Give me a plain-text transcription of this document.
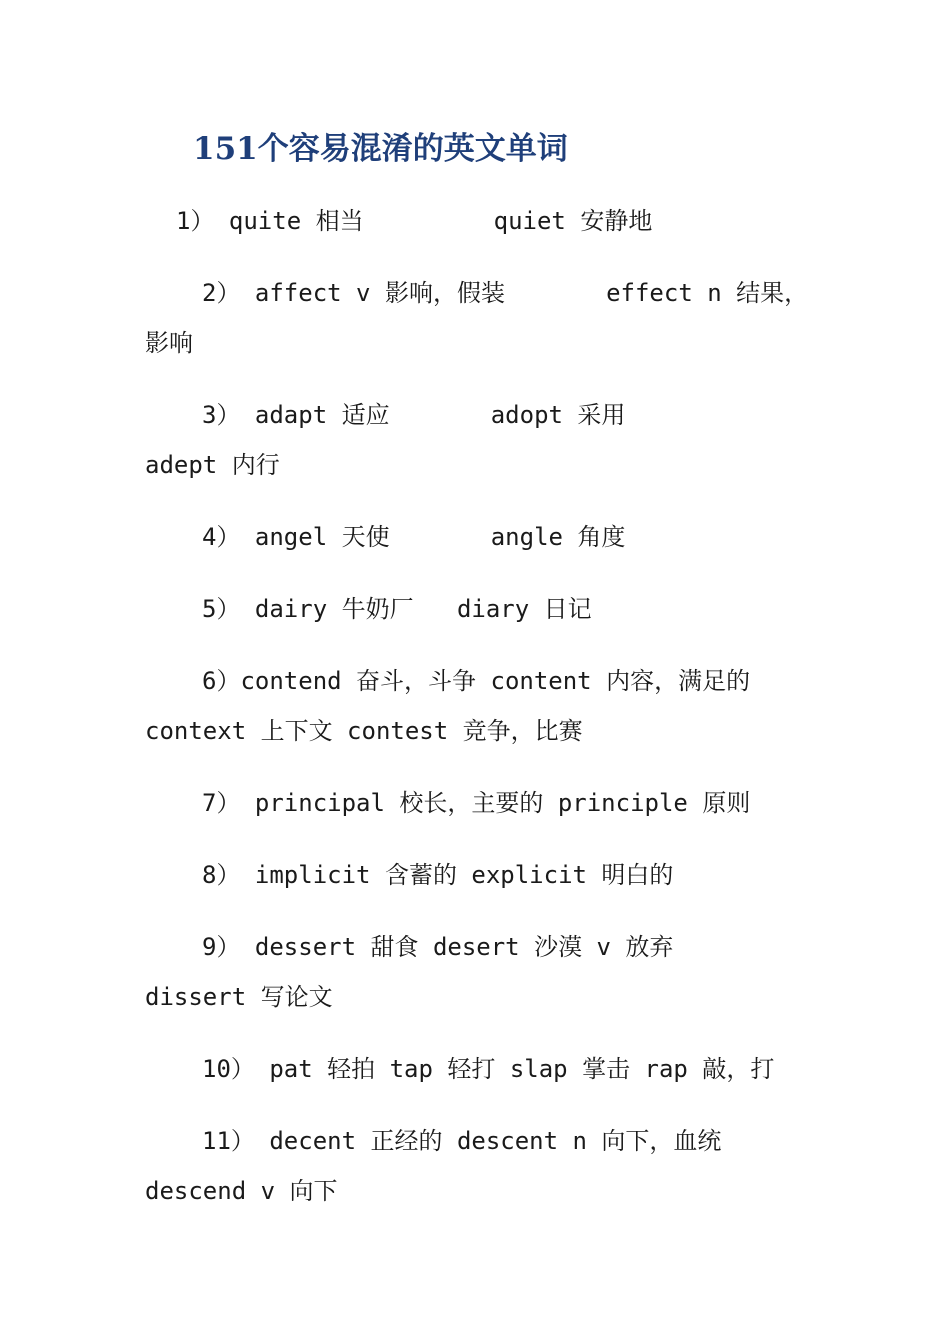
151个容易混淆的英文单词

1） quite 相当         quiet 安静地

2） affect v 影响，假装       effect n 结果，

影响

3） adapt 适应       adopt 采用

adept 内行

4） angel 天使       angle 角度

5） dairy 牛奶厂   diary 日记

6）contend 奋斗，斗争 content 内容，满足的

context 上下文 contest 竞争，比赛

7） principal 校长，主要的 principle 原则

8） implicit 含蓄的 explicit 明白的

9） dessert 甜食 desert 沙漠 v 放弃

dissert 写论文

10） pat 轻拍 tap 轻打 slap 掌击 rap 敲，打

11） decent 正经的 descent n 向下，血统

descend v 向下
